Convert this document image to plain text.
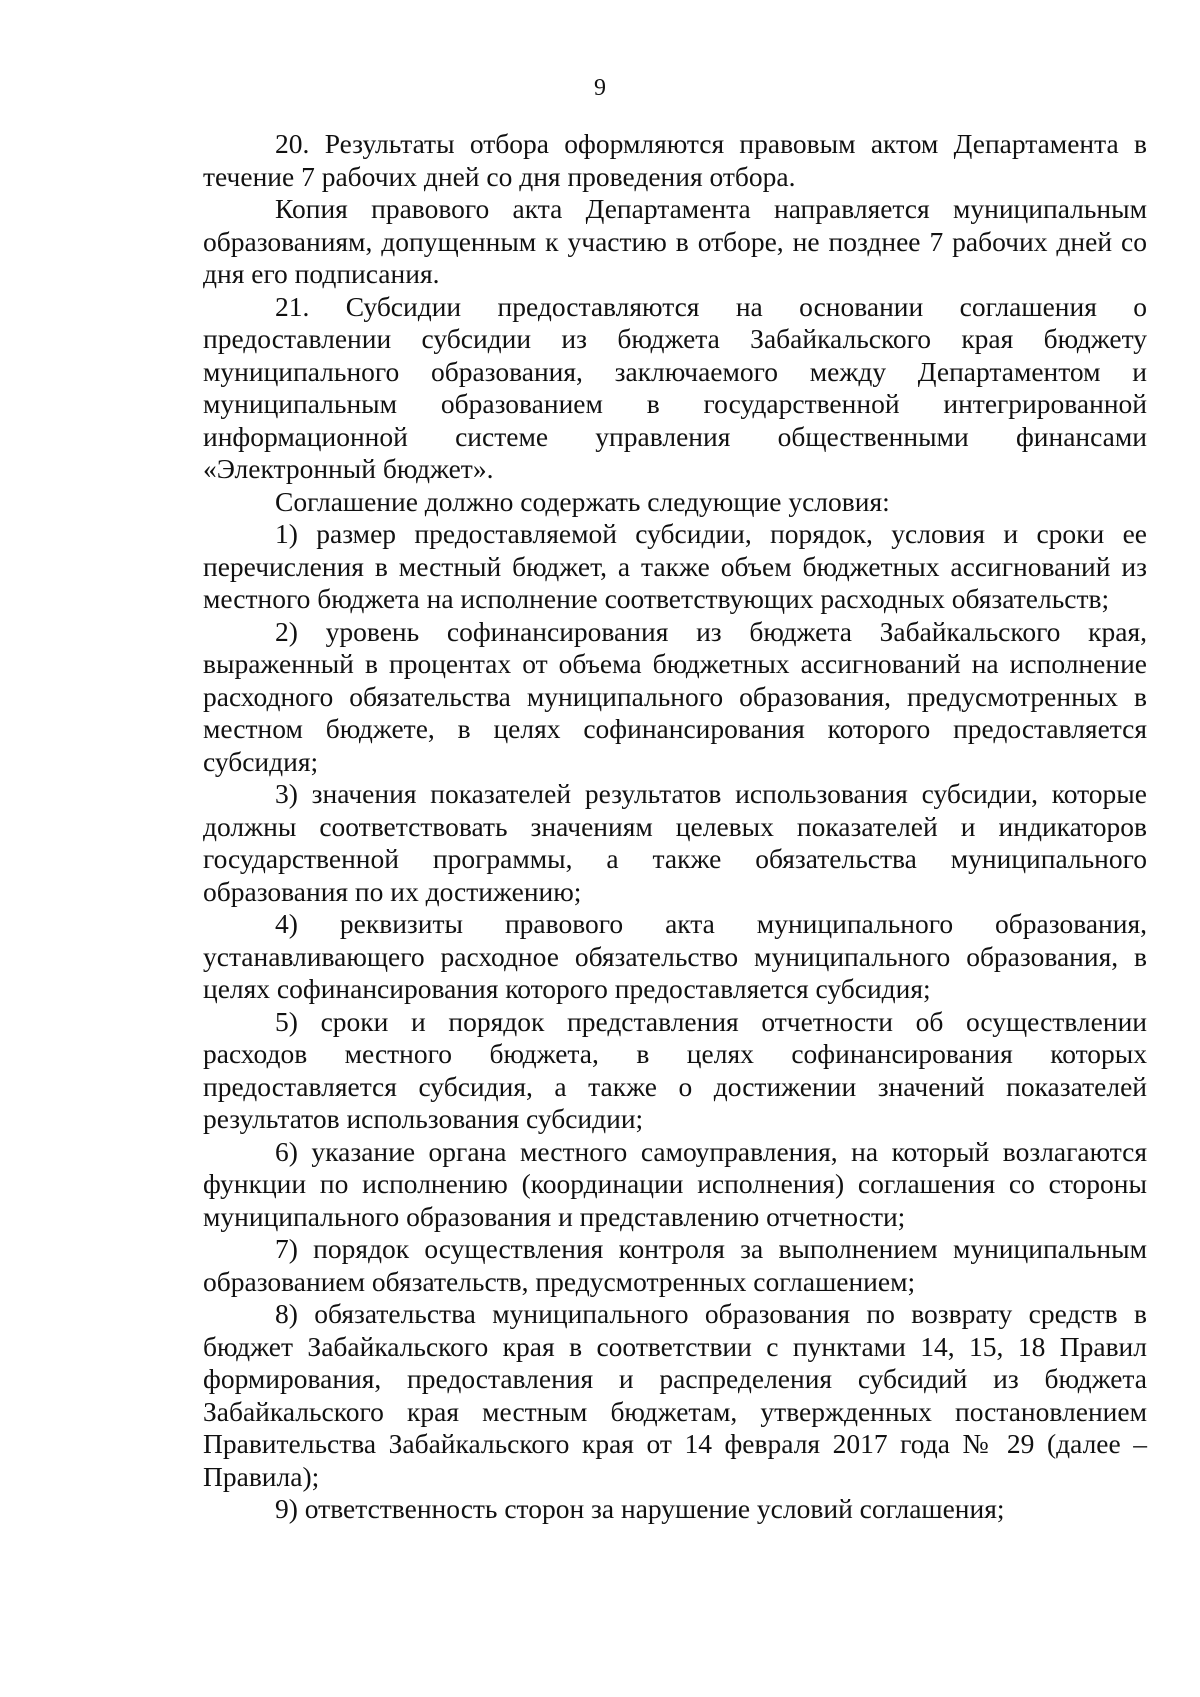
9

20. Результаты отбора оформляются правовым актом Департамента в течение 7 рабочих дней со дня проведения отбора.

Копия правового акта Департамента направляется муниципальным образованиям, допущенным к участию в отборе, не позднее 7 рабочих дней со дня его подписания.

21. Субсидии предоставляются на основании соглашения о предоставлении субсидии из бюджета Забайкальского края бюджету муниципального образования, заключаемого между Департаментом и муниципальным образованием в государственной интегрированной информационной системе управления общественными финансами «Электронный бюджет».

Соглашение должно содержать следующие условия:

1) размер предоставляемой субсидии, порядок, условия и сроки ее перечисления в местный бюджет, а также объем бюджетных ассигнований из местного бюджета на исполнение соответствующих расходных обязательств;

2) уровень софинансирования из бюджета Забайкальского края, выраженный в процентах от объема бюджетных ассигнований на исполнение расходного обязательства муниципального образования, предусмотренных в местном бюджете, в целях софинансирования которого предоставляется субсидия;

3) значения показателей результатов использования субсидии, которые должны соответствовать значениям целевых показателей и индикаторов государственной программы, а также обязательства муниципального образования по их достижению;

4) реквизиты правового акта муниципального образования, устанавливающего расходное обязательство муниципального образования, в целях софинансирования которого предоставляется субсидия;

5) сроки и порядок представления отчетности об осуществлении расходов местного бюджета, в целях софинансирования которых предоставляется субсидия, а также о достижении значений показателей результатов использования субсидии;

6) указание органа местного самоуправления, на который возлагаются функции по исполнению (координации исполнения) соглашения со стороны муниципального образования и представлению отчетности;

7) порядок осуществления контроля за выполнением муниципальным образованием обязательств, предусмотренных соглашением;

8) обязательства муниципального образования по возврату средств в бюджет Забайкальского края в соответствии с пунктами 14, 15, 18 Правил формирования, предоставления и распределения субсидий из бюджета Забайкальского края местным бюджетам, утвержденных постановлением Правительства Забайкальского края от 14 февраля 2017 года № 29 (далее – Правила);

9) ответственность сторон за нарушение условий соглашения;
